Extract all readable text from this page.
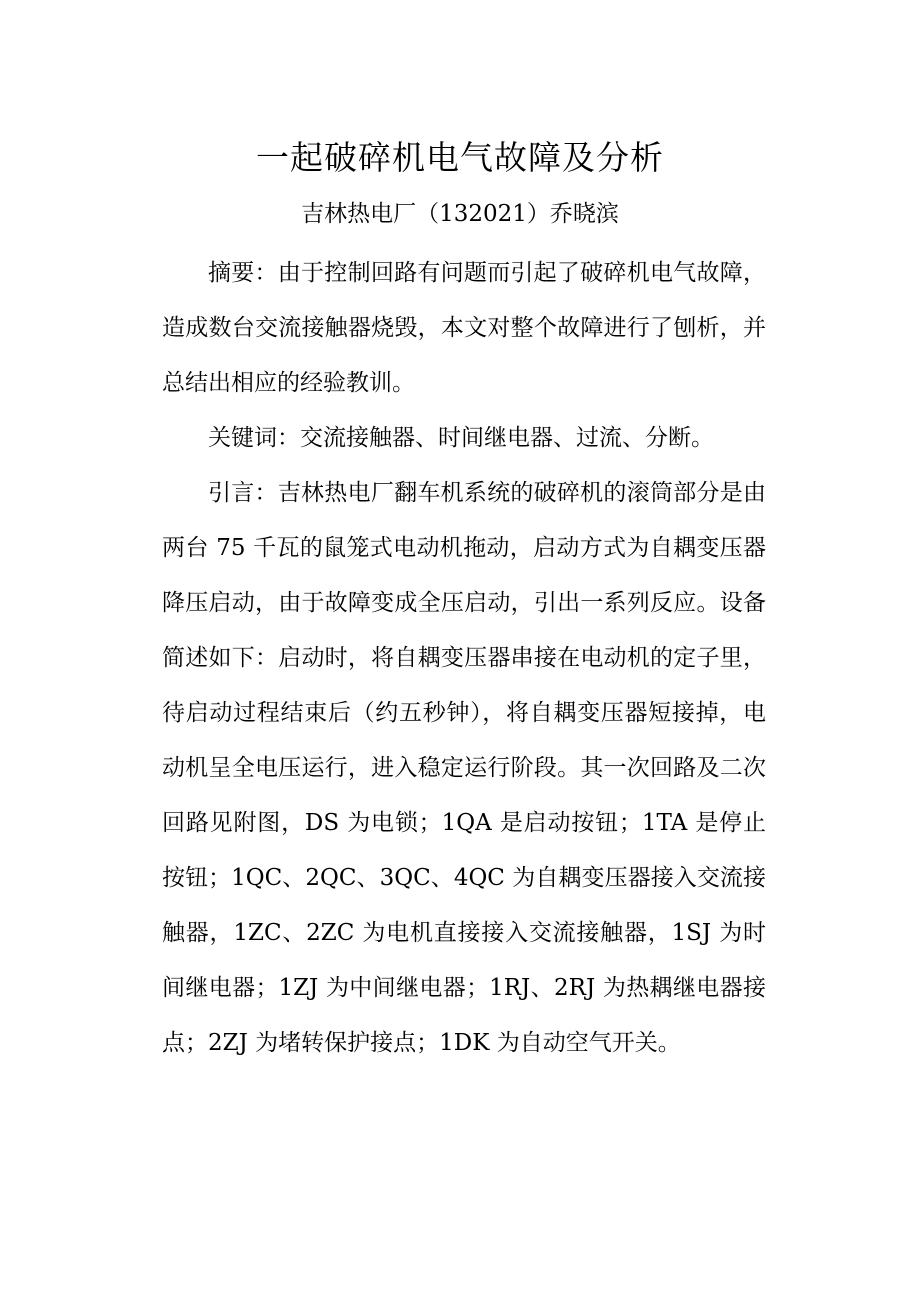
一起破碎机电气故障及分析
吉林热电厂（132021）乔晓滨

摘要：由于控制回路有问题而引起了破碎机电气故障，造成数台交流接触器烧毁，本文对整个故障进行了刨析，并总结出相应的经验教训。

关键词：交流接触器、时间继电器、过流、分断。

引言：吉林热电厂翻车机系统的破碎机的滚筒部分是由两台 75 千瓦的鼠笼式电动机拖动，启动方式为自耦变压器降压启动，由于故障变成全压启动，引出一系列反应。设备简述如下：启动时，将自耦变压器串接在电动机的定子里，待启动过程结束后（约五秒钟），将自耦变压器短接掉，电动机呈全电压运行，进入稳定运行阶段。其一次回路及二次回路见附图，DS 为电锁；1QA 是启动按钮；1TA 是停止按钮；1QC、2QC、3QC、4QC 为自耦变压器接入交流接触器，1ZC、2ZC 为电机直接接入交流接触器，1SJ 为时间继电器；1ZJ 为中间继电器；1RJ、2RJ 为热耦继电器接点；2ZJ 为堵转保护接点；1DK 为自动空气开关。
